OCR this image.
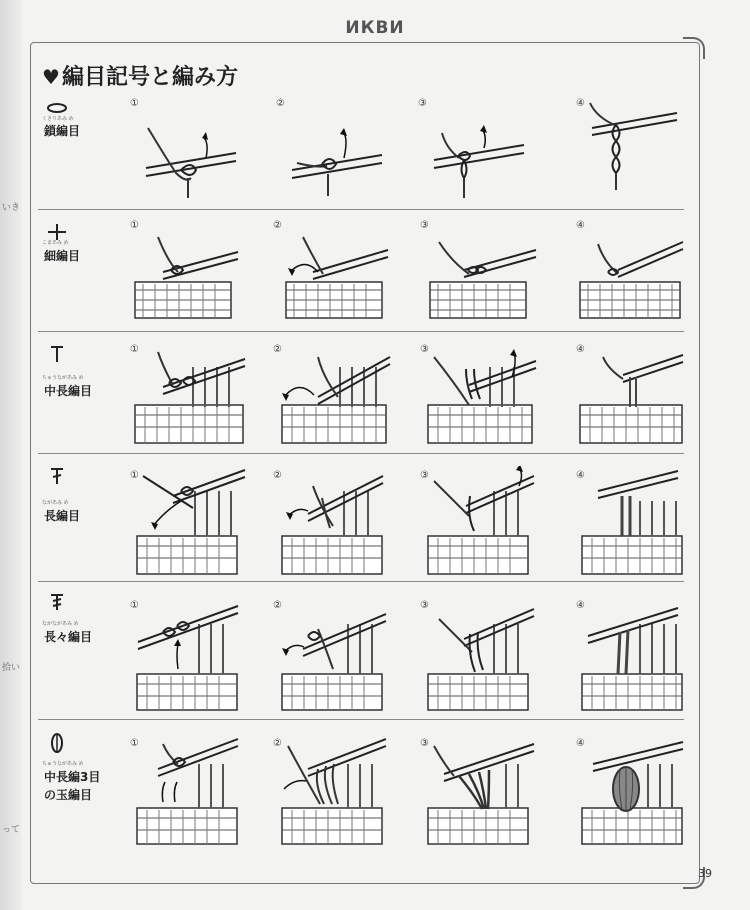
いき
拾い
って
ИКВИ
♥編目記号と編み方
くさりあみ め
鎖編目
①	②	③	④
こまあみ め
細編目
①	②	③	④
ちゅうながあみ め
中長編目
①	②	③	④
ながあみ め
長編目
①	②	③	④
ながながあみ め
長々編目
①	②	③	④
ちゅうながあみ め
中長編3目
の玉編目
①	②	③	④
39
